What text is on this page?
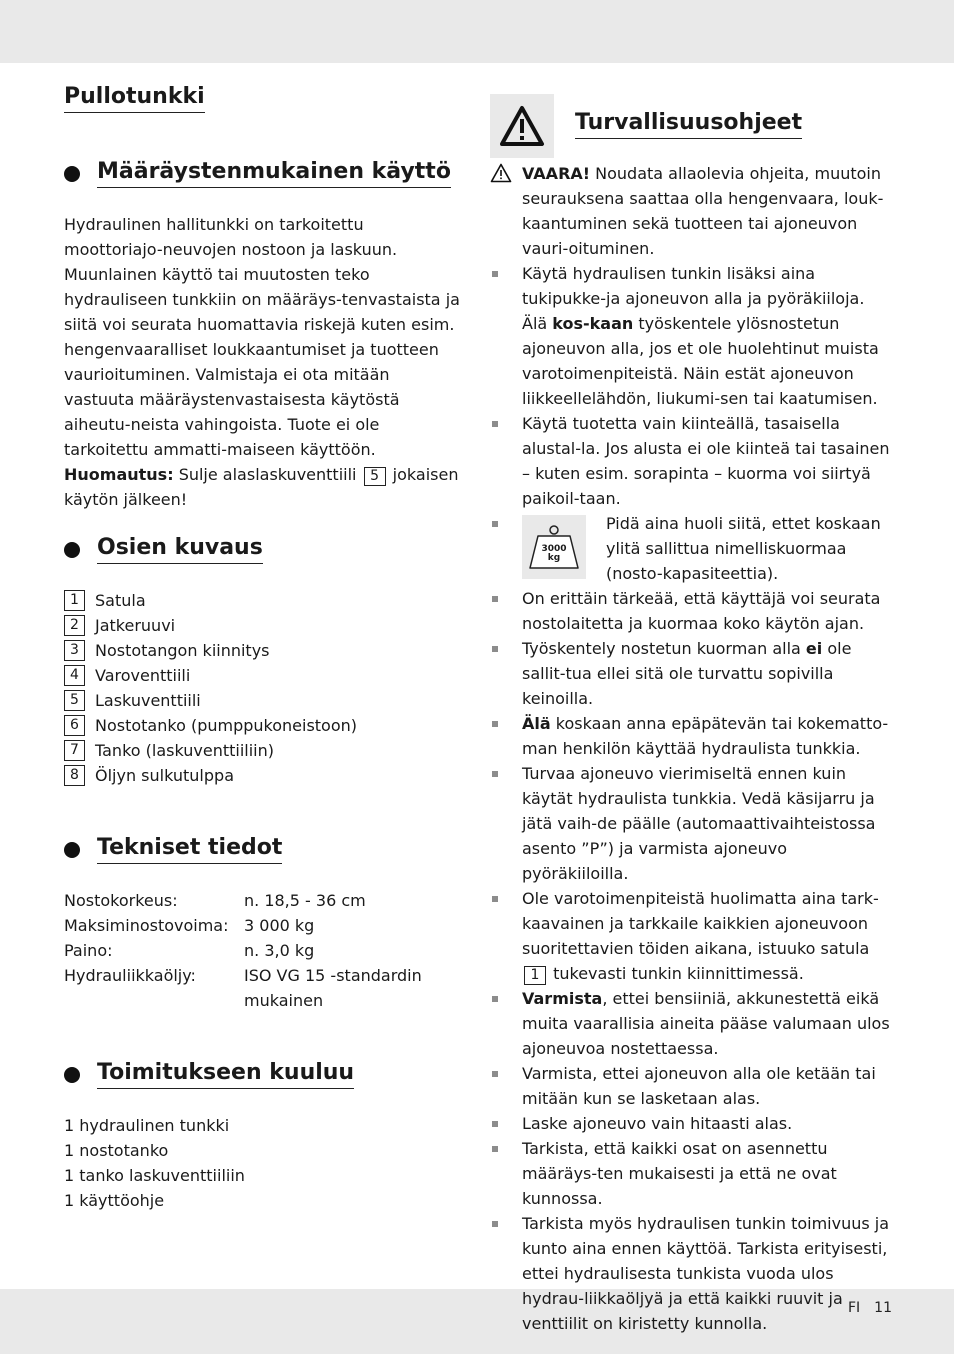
Pullotunkki
Määräystenmukainen käyttö
Hydraulinen hallitunkki on tarkoitettu moottoriajo-neuvojen nostoon ja laskuun. Muunlainen käyttö tai muutosten teko hydrauliseen tunkkiin on määräys-tenvastaista ja siitä voi seurata huomattavia riskejä kuten esim. hengenvaaralliset loukkaantumiset ja tuotteen vaurioituminen. Valmistaja ei ota mitään vastuuta määräystenvastaisesta käytöstä aiheutu-neista vahingoista. Tuote ei ole tarkoitettu ammatti-maiseen käyttöön.
Huomautus: Sulje alaslaskuventtiili 5 jokaisen käytön jälkeen!
Osien kuvaus
1	Satula
2	Jatkeruuvi
3	Nostotangon kiinnitys
4	Varoventtiili
5	Laskuventtiili
6	Nostotanko (pumppukoneistoon)
7	Tanko (laskuventtiiliin)
8	Öljyn sulkutulppa
Tekniset tiedot
Nostokorkeus:	n. 18,5 - 36 cm
Maksiminostovoima: 3 000 kg
Paino:	n. 3,0 kg
Hydrauliikkaöljy:	ISO VG 15 -standardin mukainen
Toimitukseen kuuluu
1 hydraulinen tunkki
1 nostotanko
1 tanko laskuventtiiliin
1 käyttöohje
Turvallisuusohjeet
VAARA! Noudata allaolevia ohjeita, muutoin seurauksena saattaa olla hengenvaara, louk-kaantuminen sekä tuotteen tai ajoneuvon vauri-oituminen.
Käytä hydraulisen tunkin lisäksi aina tukipukke-ja ajoneuvon alla ja pyöräkiiloja. Älä kos-kaan työskentele ylösnostetun ajoneuvon alla, jos et ole huolehtinut muista varotoimenpiteistä. Näin estät ajoneuvon liikkeellelähdön, liukumi-sen tai kaatumisen.
Käytä tuotetta vain kiinteällä, tasaisella alustal-la. Jos alusta ei ole kiinteä tai tasainen – kuten esim. sorapinta – kuorma voi siirtyä paikoil-taan.
3000 kg
Pidä aina huoli siitä, ettet koskaan ylitä sallittua nimelliskuormaa (nosto-kapasiteettia).
On erittäin tärkeää, että käyttäjä voi seurata nostolaitetta ja kuormaa koko käytön ajan.
Työskentely nostetun kuorman alla ei ole sallit-tua ellei sitä ole turvattu sopivilla keinoilla.
Älä koskaan anna epäpätevän tai kokematto-man henkilön käyttää hydraulista tunkkia.
Turvaa ajoneuvo vierimiseltä ennen kuin käytät hydraulista tunkkia. Vedä käsijarru ja jätä vaih-de päälle (automaattivaihteistossa asento ”P”) ja varmista ajoneuvo pyöräkiiloilla.
Ole varotoimenpiteistä huolimatta aina tark-kaavainen ja tarkkaile kaikkien ajoneuvoon suoritettavien töiden aikana, istuuko satula 1 tukevasti tunkin kiinnittimessä.
Varmista, ettei bensiiniä, akkunestettä eikä muita vaarallisia aineita pääse valumaan ulos ajoneuvoa nostettaessa.
Varmista, ettei ajoneuvon alla ole ketään tai mitään kun se lasketaan alas.
Laske ajoneuvo vain hitaasti alas.
Tarkista, että kaikki osat on asennettu määräys-ten mukaisesti ja että ne ovat kunnossa.
Tarkista myös hydraulisen tunkin toimivuus ja kunto aina ennen käyttöä. Tarkista erityisesti, ettei hydraulisesta tunkista vuoda ulos hydrau-liikkaöljyä ja että kaikki ruuvit ja venttiilit on kiristetty kunnolla.
FI 11
